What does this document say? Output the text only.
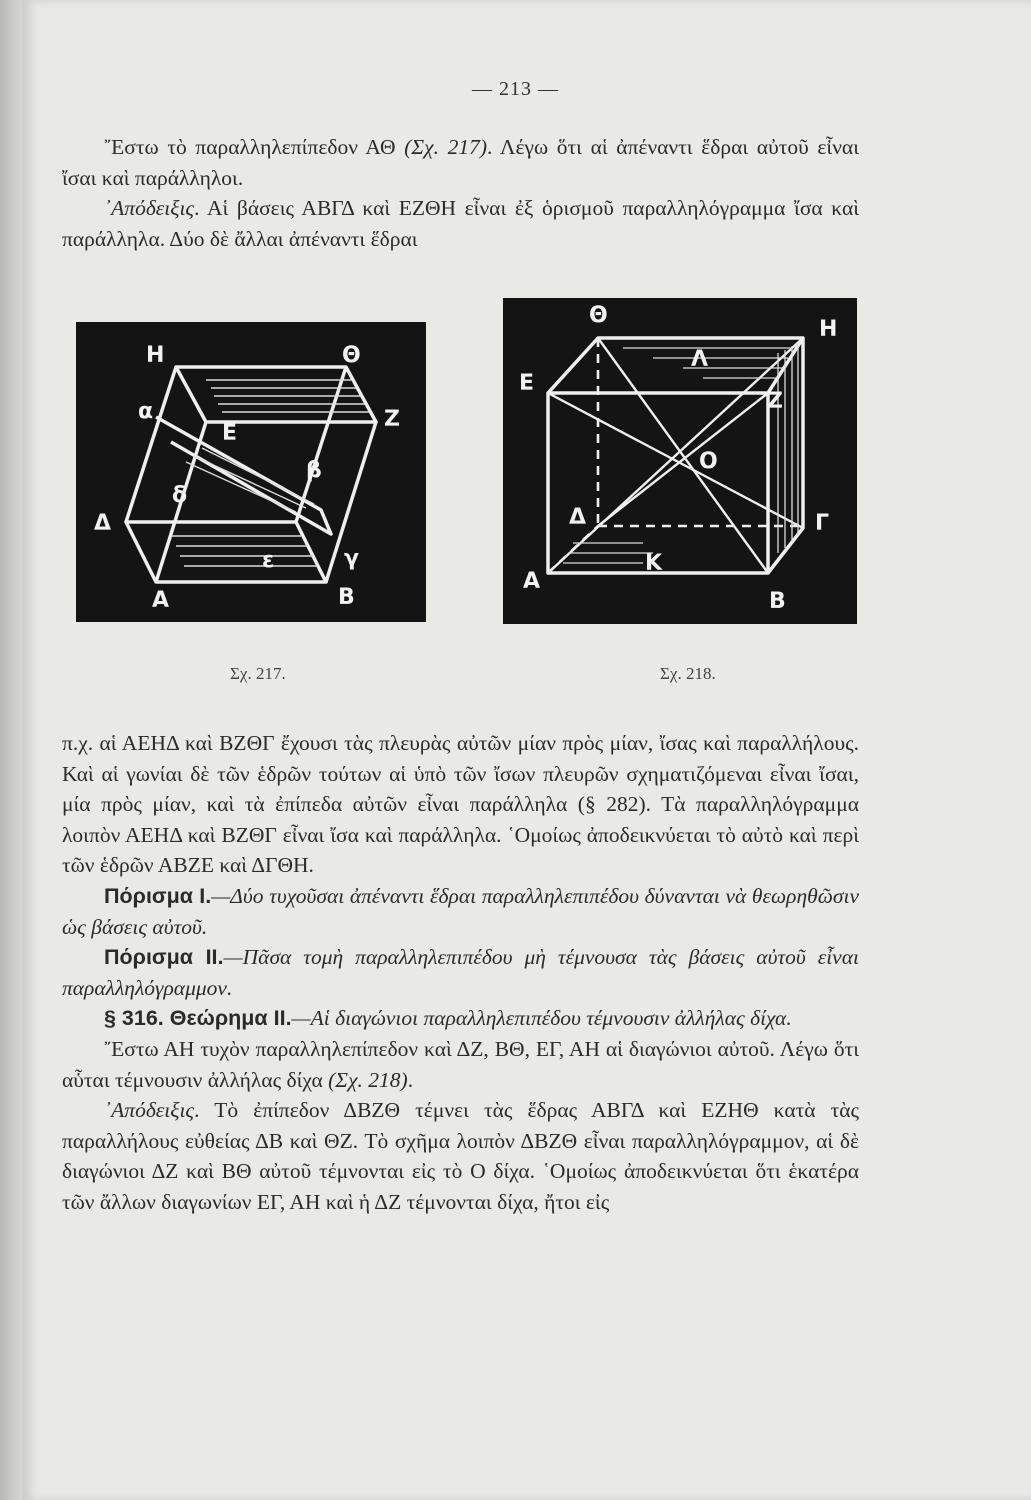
— 213 —

῎Εστω τὸ παραλληλεπίπεδον ΑΘ (Σχ. 217). Λέγω ὅτι αἱ ἀπέναντι ἕδραι αὐτοῦ εἶναι ἴσαι καὶ παράλληλοι.

᾿Απόδειξις. Αἱ βάσεις ΑΒΓΔ καὶ ΕΖΘΗ εἶναι ἐξ ὁρισμοῦ παραλληλόγραμμα ἴσα καὶ παράλληλα. Δύο δὲ ἄλλαι ἀπέναντι ἕδραι

Η	Θ
α
Ε
Ζ
β
δ
Δ
ε	γ
Α	Β
Θ
Η
Ε
Λ
Ζ
Ο
Δ	Γ
Κ
Α
Β
Σχ. 217.	Σχ. 218.

π.χ. αἱ ΑΕΗΔ καὶ ΒΖΘΓ ἔχουσι τὰς πλευρὰς αὐτῶν μίαν πρὸς μίαν, ἴσας καὶ παραλλήλους. Καὶ αἱ γωνίαι δὲ τῶν ἑδρῶν τούτων αἱ ὑπὸ τῶν ἴσων πλευρῶν σχηματιζόμεναι εἶναι ἴσαι, μία πρὸς μίαν, καὶ τὰ ἐπίπεδα αὐτῶν εἶναι παράλληλα (§ 282). Τὰ παραλληλόγραμμα λοιπὸν ΑΕΗΔ καὶ ΒΖΘΓ εἶναι ἴσα καὶ παράλληλα. ῾Ομοίως ἀποδεικνύεται τὸ αὐτὸ καὶ περὶ τῶν ἑδρῶν ΑΒΖΕ καὶ ΔΓΘΗ.

Πόρισμα Ι.—Δύο τυχοῦσαι ἀπέναντι ἕδραι παραλληλεπιπέδου δύνανται νὰ θεωρηθῶσιν ὡς βάσεις αὐτοῦ.

Πόρισμα ΙΙ.—Πᾶσα τομὴ παραλληλεπιπέδου μὴ τέμνουσα τὰς βάσεις αὐτοῦ εἶναι παραλληλόγραμμον.

§ 316. Θεώρημα ΙΙ.—Αἱ διαγώνιοι παραλληλεπιπέδου τέμνουσιν ἀλλήλας δίχα.

῎Εστω ΑΗ τυχὸν παραλληλεπίπεδον καὶ ΔΖ, ΒΘ, ΕΓ, ΑΗ αἱ διαγώνιοι αὐτοῦ. Λέγω ὅτι αὗται τέμνουσιν ἀλλήλας δίχα (Σχ. 218).

᾿Απόδειξις. Τὸ ἐπίπεδον ΔΒΖΘ τέμνει τὰς ἕδρας ΑΒΓΔ καὶ ΕΖΗΘ κατὰ τὰς παραλλήλους εὐθείας ΔΒ καὶ ΘΖ. Τὸ σχῆμα λοιπὸν ΔΒΖΘ εἶναι παραλληλόγραμμον, αἱ δὲ διαγώνιοι ΔΖ καὶ ΒΘ αὐτοῦ τέμνονται εἰς τὸ Ο δίχα. ῾Ομοίως ἀποδεικνύεται ὅτι ἑκατέρα τῶν ἄλλων διαγωνίων ΕΓ, ΑΗ καὶ ἡ ΔΖ τέμνονται δίχα, ἤτοι εἰς
